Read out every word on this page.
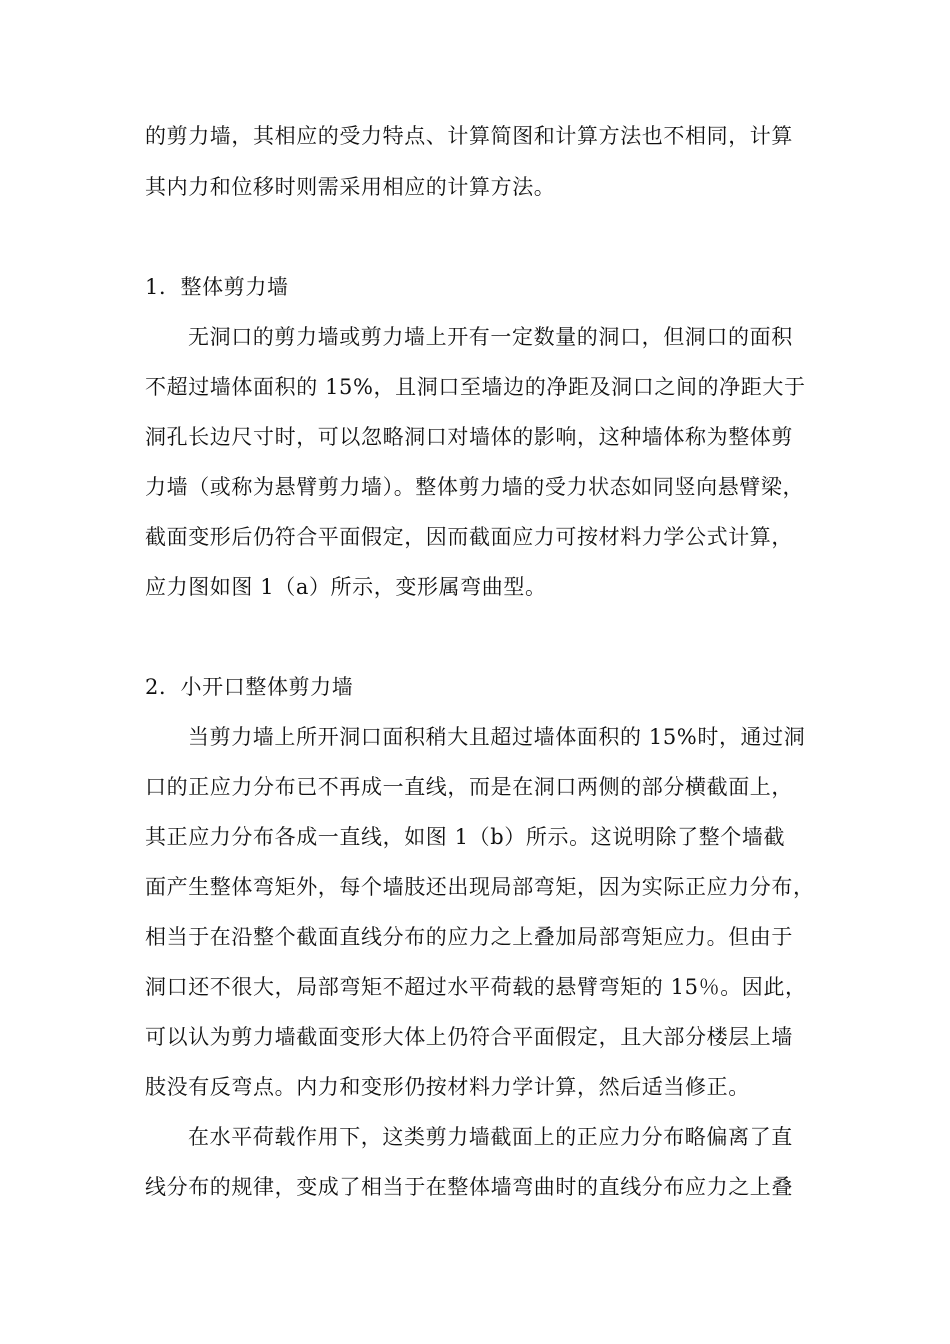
的剪力墙，其相应的受力特点、计算简图和计算方法也不相同，计算
其内力和位移时则需采用相应的计算方法。
1．整体剪力墙
无洞口的剪力墙或剪力墙上开有一定数量的洞口，但洞口的面积
不超过墙体面积的 15%，且洞口至墙边的净距及洞口之间的净距大于
洞孔长边尺寸时，可以忽略洞口对墙体的影响，这种墙体称为整体剪
力墙（或称为悬臂剪力墙）。整体剪力墙的受力状态如同竖向悬臂梁，
截面变形后仍符合平面假定，因而截面应力可按材料力学公式计算，
应力图如图 1（a）所示，变形属弯曲型。
2．小开口整体剪力墙
当剪力墙上所开洞口面积稍大且超过墙体面积的 15%时，通过洞
口的正应力分布已不再成一直线，而是在洞口两侧的部分横截面上，
其正应力分布各成一直线，如图 1（b）所示。这说明除了整个墙截
面产生整体弯矩外，每个墙肢还出现局部弯矩，因为实际正应力分布，
相当于在沿整个截面直线分布的应力之上叠加局部弯矩应力。但由于
洞口还不很大，局部弯矩不超过水平荷载的悬臂弯矩的 15％。因此，
可以认为剪力墙截面变形大体上仍符合平面假定，且大部分楼层上墙
肢没有反弯点。内力和变形仍按材料力学计算，然后适当修正。
在水平荷载作用下，这类剪力墙截面上的正应力分布略偏离了直
线分布的规律，变成了相当于在整体墙弯曲时的直线分布应力之上叠
